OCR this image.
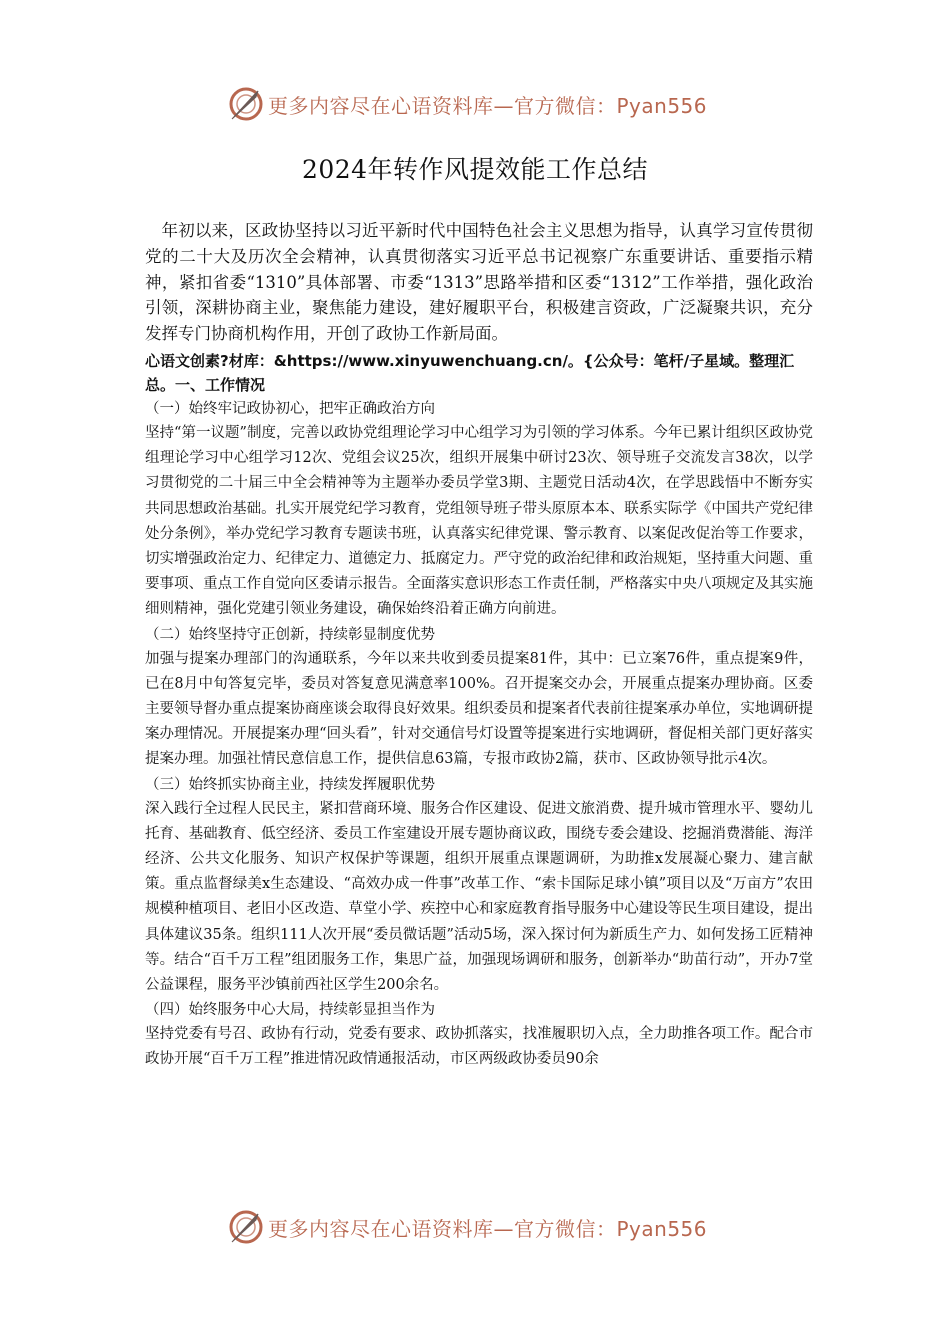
更多内容尽在心语资料库—官方微信：Pyan556
2024年转作风提效能工作总结

年初以来，区政协坚持以习近平新时代中国特色社会主义思想为指导，认真学习宣传贯彻党的二十大及历次全会精神，认真贯彻落实习近平总书记视察广东重要讲话、重要指示精神，紧扣省委“1310”具体部署、市委“1313”思路举措和区委“1312”工作举措，强化政治引领，深耕协商主业，聚焦能力建设，建好履职平台，积极建言资政，广泛凝聚共识，充分发挥专门协商机构作用，开创了政协工作新局面。

心语文创素?材库：&https://www.xinyuwenchuang.cn/。{公众号：笔杆/子星域。整理汇总。一、工作情况

（一）始终牢记政协初心，把牢正确政治方向

坚持“第一议题”制度，完善以政协党组理论学习中心组学习为引领的学习体系。今年已累计组织区政协党组理论学习中心组学习12次、党组会议25次，组织开展集中研讨23次、领导班子交流发言38次，以学习贯彻党的二十届三中全会精神等为主题举办委员学堂3期、主题党日活动4次，在学思践悟中不断夯实共同思想政治基础。扎实开展党纪学习教育，党组领导班子带头原原本本、联系实际学《中国共产党纪律处分条例》，举办党纪学习教育专题读书班，认真落实纪律党课、警示教育、以案促改促治等工作要求，切实增强政治定力、纪律定力、道德定力、抵腐定力。严守党的政治纪律和政治规矩，坚持重大问题、重要事项、重点工作自觉向区委请示报告。全面落实意识形态工作责任制，严格落实中央八项规定及其实施细则精神，强化党建引领业务建设，确保始终沿着正确方向前进。

（二）始终坚持守正创新，持续彰显制度优势

加强与提案办理部门的沟通联系，今年以来共收到委员提案81件，其中：已立案76件，重点提案9件，已在8月中旬答复完毕，委员对答复意见满意率100%。召开提案交办会，开展重点提案办理协商。区委主要领导督办重点提案协商座谈会取得良好效果。组织委员和提案者代表前往提案承办单位，实地调研提案办理情况。开展提案办理“回头看”，针对交通信号灯设置等提案进行实地调研，督促相关部门更好落实提案办理。加强社情民意信息工作，提供信息63篇，专报市政协2篇，获市、区政协领导批示4次。

（三）始终抓实协商主业，持续发挥履职优势

深入践行全过程人民民主，紧扣营商环境、服务合作区建设、促进文旅消费、提升城市管理水平、婴幼儿托育、基础教育、低空经济、委员工作室建设开展专题协商议政，围绕专委会建设、挖掘消费潜能、海洋经济、公共文化服务、知识产权保护等课题，组织开展重点课题调研，为助推x发展凝心聚力、建言献策。重点监督绿美x生态建设、“高效办成一件事”改革工作、“索卡国际足球小镇”项目以及“万亩方”农田规模种植项目、老旧小区改造、草堂小学、疾控中心和家庭教育指导服务中心建设等民生项目建设，提出具体建议35条。组织111人次开展“委员微话题”活动5场，深入探讨何为新质生产力、如何发扬工匠精神等。结合“百千万工程”组团服务工作，集思广益，加强现场调研和服务，创新举办“助苗行动”，开办7堂公益课程，服务平沙镇前西社区学生200余名。

（四）始终服务中心大局，持续彰显担当作为

坚持党委有号召、政协有行动，党委有要求、政协抓落实，找准履职切入点，全力助推各项工作。配合市政协开展“百千万工程”推进情况政情通报活动，市区两级政协委员90余

更多内容尽在心语资料库—官方微信：Pyan556
